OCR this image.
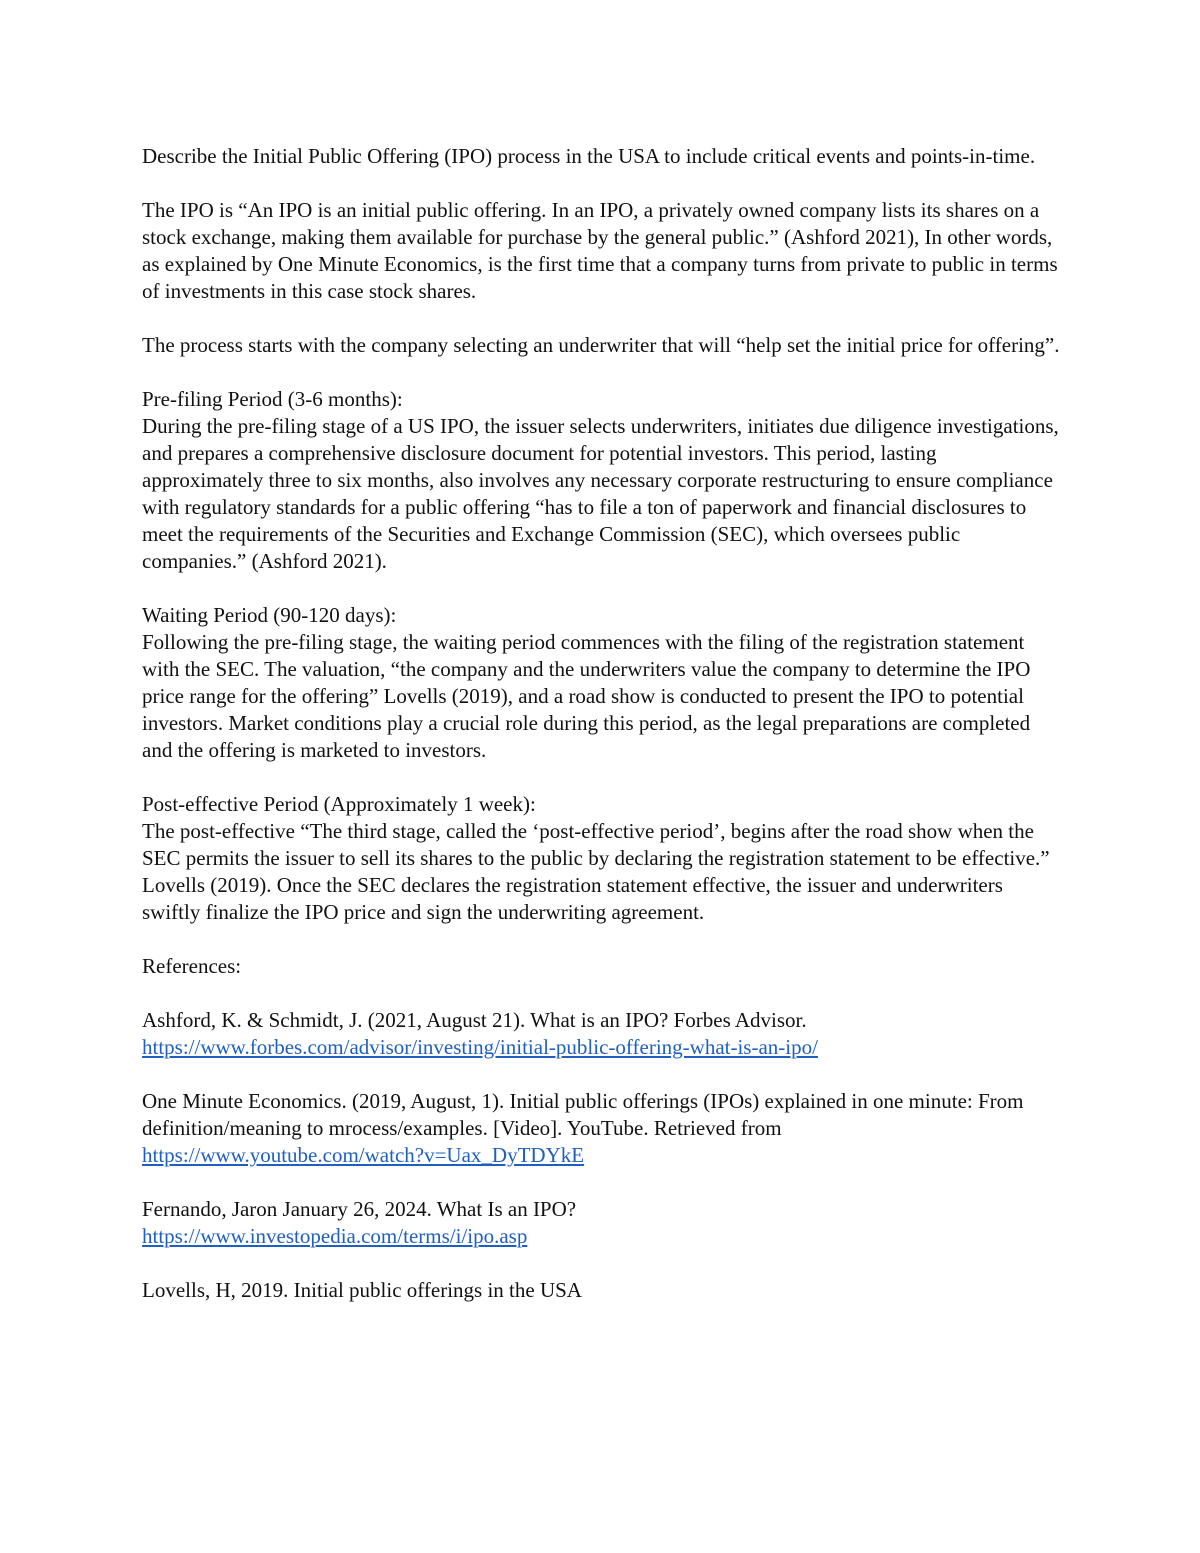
Describe the Initial Public Offering (IPO) process in the USA to include critical events and points-in-time.

The IPO is “An IPO is an initial public offering. In an IPO, a privately owned company lists its shares on a stock exchange, making them available for purchase by the general public.” (Ashford 2021), In other words, as explained by One Minute Economics, is the first time that a company turns from private to public in terms of investments in this case stock shares.

The process starts with the company selecting an underwriter that will “help set the initial price for offering”.

Pre-filing Period (3-6 months):
During the pre-filing stage of a US IPO, the issuer selects underwriters, initiates due diligence investigations, and prepares a comprehensive disclosure document for potential investors. This period, lasting approximately three to six months, also involves any necessary corporate restructuring to ensure compliance with regulatory standards for a public offering “has to file a ton of paperwork and financial disclosures to meet the requirements of the Securities and Exchange Commission (SEC), which oversees public companies.” (Ashford 2021).
Waiting Period (90-120 days):
Following the pre-filing stage, the waiting period commences with the filing of the registration statement with the SEC. The valuation, “the company and the underwriters value the company to determine the IPO price range for the offering” Lovells (2019), and a road show is conducted to present the IPO to potential investors. Market conditions play a crucial role during this period, as the legal preparations are completed and the offering is marketed to investors.
Post-effective Period (Approximately 1 week):
The post-effective “The third stage, called the ‘post-effective period’, begins after the road show when the SEC permits the issuer to sell its shares to the public by declaring the registration statement to be effective.” Lovells (2019). Once the SEC declares the registration statement effective, the issuer and underwriters swiftly finalize the IPO price and sign the underwriting agreement.

References:

Ashford, K. & Schmidt, J. (2021, August 21). What is an IPO? Forbes Advisor.
https://www.forbes.com/advisor/investing/initial-public-offering-what-is-an-ipo/
One Minute Economics. (2019, August, 1). Initial public offerings (IPOs) explained in one minute: From definition/meaning to mrocess/examples. [Video]. YouTube. Retrieved from
https://www.youtube.com/watch?v=Uax_DyTDYkE
Fernando, Jaron January 26, 2024. What Is an IPO?
https://www.investopedia.com/terms/i/ipo.asp
Lovells, H, 2019. Initial public offerings in the USA
